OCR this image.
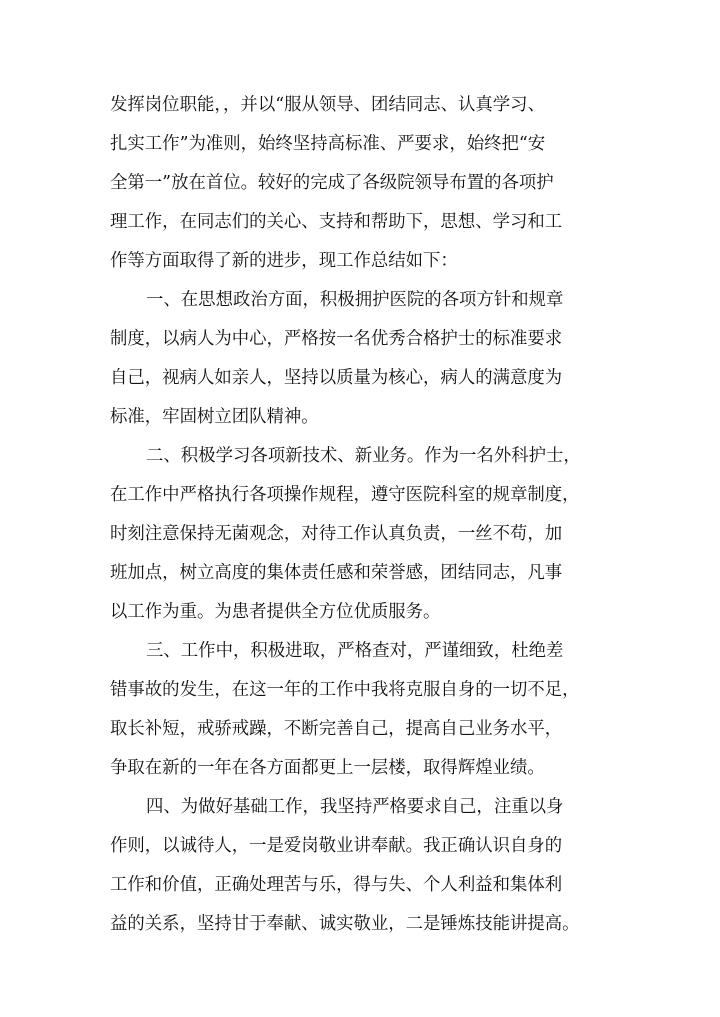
发挥岗位职能，，并以“服从领导、团结同志、认真学习、
扎实工作”为准则，始终坚持高标准、严要求，始终把“安
全第一”放在首位。较好的完成了各级院领导布置的各项护
理工作，在同志们的关心、支持和帮助下，思想、学习和工
作等方面取得了新的进步，现工作总结如下：
一、在思想政治方面，积极拥护医院的各项方针和规章
制度，以病人为中心，严格按一名优秀合格护士的标准要求
自己，视病人如亲人，坚持以质量为核心，病人的满意度为
标准，牢固树立团队精神。
二、积极学习各项新技术、新业务。作为一名外科护士，
在工作中严格执行各项操作规程，遵守医院科室的规章制度，
时刻注意保持无菌观念，对待工作认真负责，一丝不苟，加
班加点，树立高度的集体责任感和荣誉感，团结同志，凡事
以工作为重。为患者提供全方位优质服务。
三、工作中，积极进取，严格查对，严谨细致，杜绝差
错事故的发生，在这一年的工作中我将克服自身的一切不足，
取长补短，戒骄戒躁，不断完善自己，提高自己业务水平，
争取在新的一年在各方面都更上一层楼，取得辉煌业绩。
四、为做好基础工作，我坚持严格要求自己，注重以身
作则，以诚待人，一是爱岗敬业讲奉献。我正确认识自身的
工作和价值，正确处理苦与乐，得与失、个人利益和集体利
益的关系，坚持甘于奉献、诚实敬业，二是锤炼技能讲提高。
